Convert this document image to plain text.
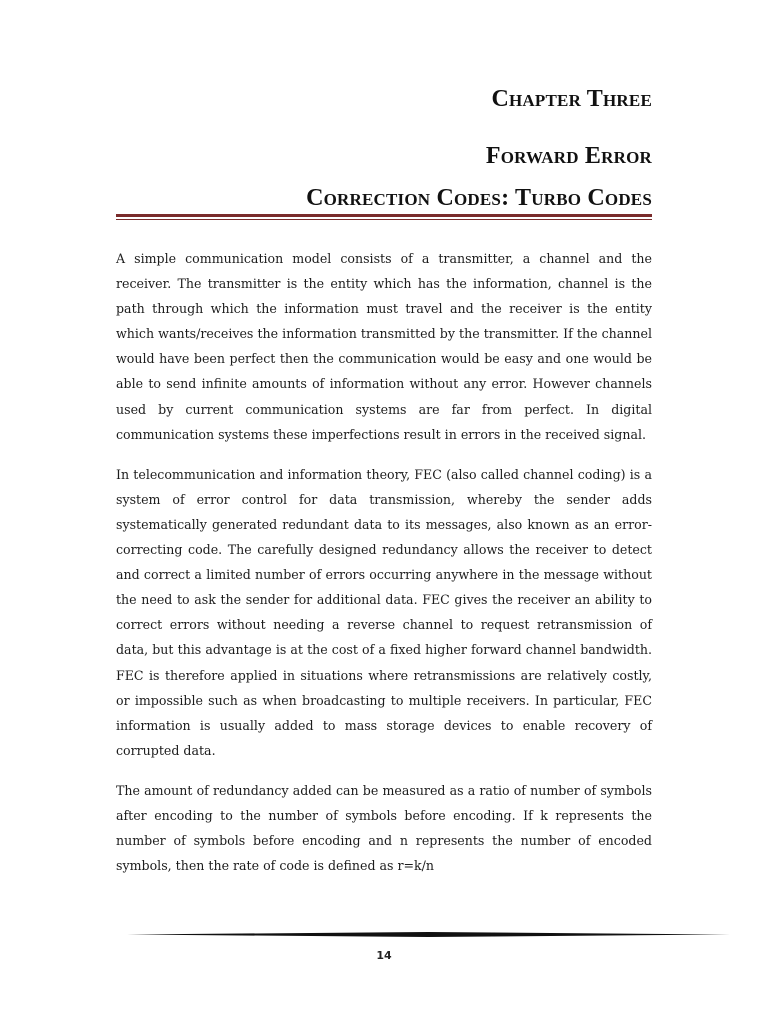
Chapter Three
Forward Error
Correction Codes: Turbo Codes

A simple communication model consists of a transmitter, a channel and the receiver. The transmitter is the entity which has the information, channel is the path through which the information must travel and the receiver is the entity which wants/receives the information transmitted by the transmitter. If the channel would have been perfect then the communication would be easy and one would be able to send infinite amounts of information without any error. However channels used by current communication systems are far from perfect. In digital communication systems these imperfections result in errors in the received signal.

In telecommunication and information theory, FEC (also called channel coding) is a system of error control for data transmission, whereby the sender adds systematically generated redundant data to its messages, also known as an error-correcting code. The carefully designed redundancy allows the receiver to detect and correct a limited number of errors occurring anywhere in the message without the need to ask the sender for additional data. FEC gives the receiver an ability to correct errors without needing a reverse channel to request retransmission of data, but this advantage is at the cost of a fixed higher forward channel bandwidth. FEC is therefore applied in situations where retransmissions are relatively costly, or impossible such as when broadcasting to multiple receivers. In particular, FEC information is usually added to mass storage devices to enable recovery of corrupted data.

The amount of redundancy added can be measured as a ratio of number of symbols after encoding to the number of symbols before encoding. If k represents the number of symbols before encoding and n represents the number of encoded symbols, then the rate of code is defined as r=k/n

14
